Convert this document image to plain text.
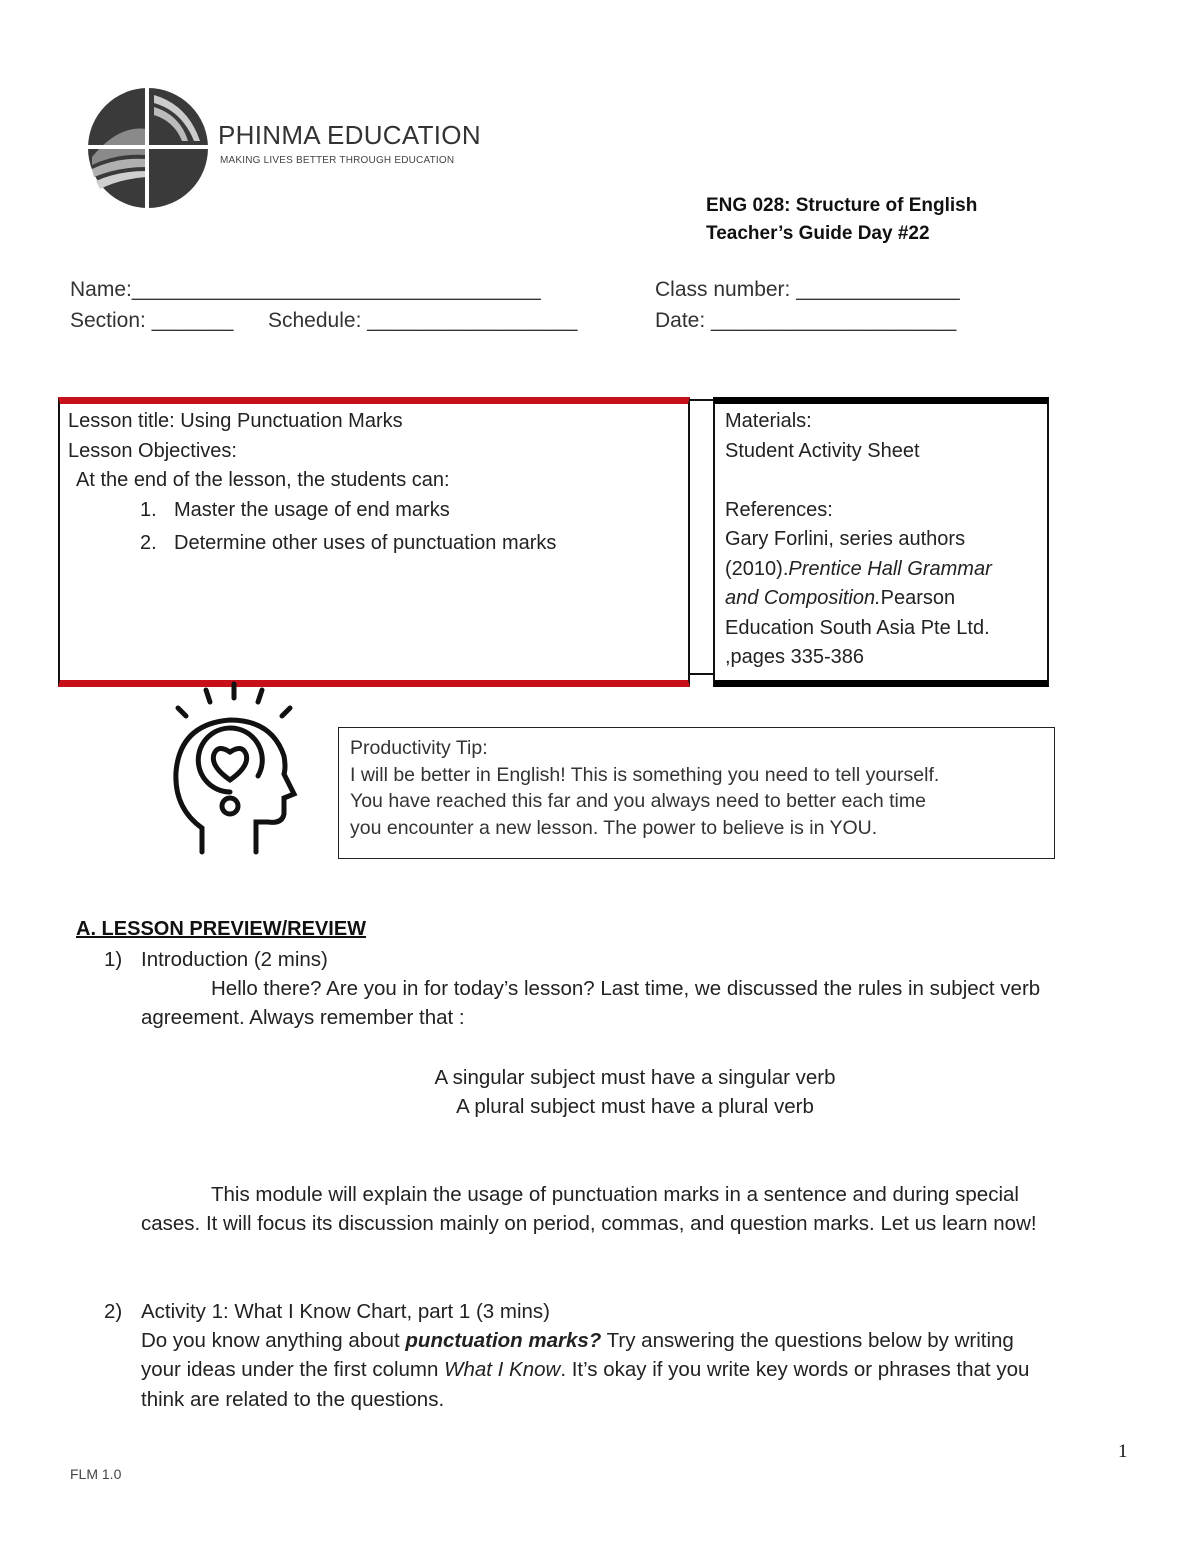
PHINMA EDUCATION
MAKING LIVES BETTER THROUGH EDUCATION
ENG 028: Structure of English
Teacher’s Guide Day #22
Name:___________________________________	Class number: ______________
Section: _______ Schedule: __________________	Date: _____________________
Lesson title: Using Punctuation Marks
Lesson Objectives:
At the end of the lesson, the students can:
1. Master the usage of end marks
2. Determine other uses of punctuation marks
Materials:
Student Activity Sheet
References:
Gary Forlini, series authors
(2010).Prentice Hall Grammar
and Composition.Pearson
Education South Asia Pte Ltd.
,pages 335-386
Productivity Tip:
I will be better in English! This is something you need to tell yourself.
You have reached this far and you always need to better each time
you encounter a new lesson. The power to believe is in YOU.
A. LESSON PREVIEW/REVIEW
1) Introduction (2 mins)
Hello there? Are you in for today’s lesson? Last time, we discussed the rules in subject verb
agreement. Always remember that :
A singular subject must have a singular verb
A plural subject must have a plural verb
This module will explain the usage of punctuation marks in a sentence and during special
cases. It will focus its discussion mainly on period, commas, and question marks. Let us learn now!
2) Activity 1: What I Know Chart, part 1 (3 mins)
Do you know anything about punctuation marks? Try answering the questions below by writing
your ideas under the first column What I Know. It’s okay if you write key words or phrases that you
think are related to the questions.
1
FLM 1.0
